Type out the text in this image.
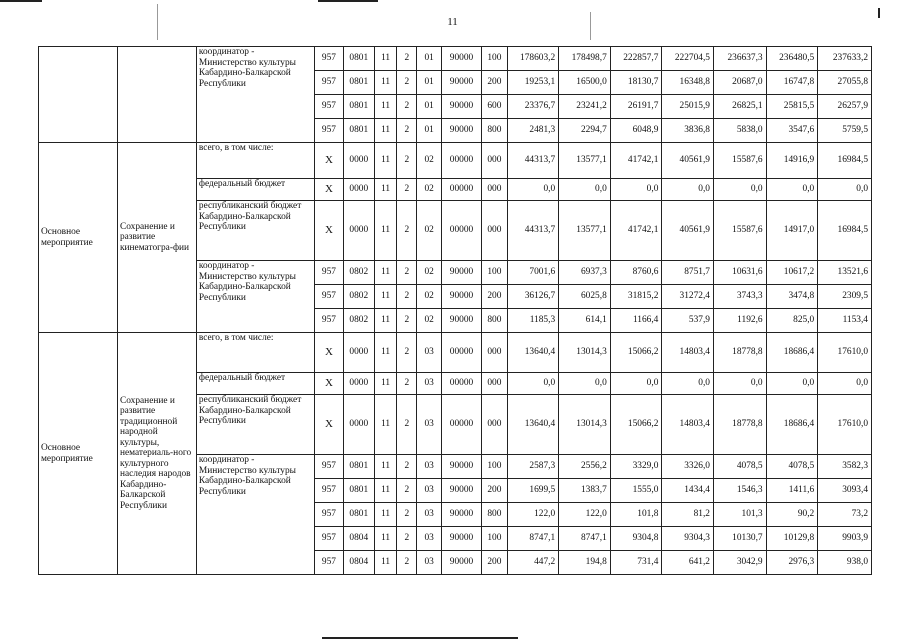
11
		координатор - Министерство культуры Кабардино-Балкарской Республики	957	0801	11	2	01	90000	100	178603,2	178498,7	222857,7	222704,5	236637,3	236480,5	237633,2
			957	0801	11	2	01	90000	200	19253,1	16500,0	18130,7	16348,8	20687,0	16747,8	27055,8
			957	0801	11	2	01	90000	600	23376,7	23241,2	26191,7	25015,9	26825,1	25815,5	26257,9
			957	0801	11	2	01	90000	800	2481,3	2294,7	6048,9	3836,8	5838,0	3547,6	5759,5
Основное мероприятие	Сохранение и развитие кинематогра-фии	всего, в том числе:	Х	0000	11	2	02	00000	000	44313,7	13577,1	41742,1	40561,9	15587,6	14916,9	16984,5
		федеральный бюджет	Х	0000	11	2	02	00000	000	0,0	0,0	0,0	0,0	0,0	0,0	0,0
		республиканский бюджет Кабардино-Балкарской Республики	Х	0000	11	2	02	00000	000	44313,7	13577,1	41742,1	40561,9	15587,6	14917,0	16984,5
		координатор - Министерство культуры Кабардино-Балкарской Республики	957	0802	11	2	02	90000	100	7001,6	6937,3	8760,6	8751,7	10631,6	10617,2	13521,6
			957	0802	11	2	02	90000	200	36126,7	6025,8	31815,2	31272,4	3743,3	3474,8	2309,5
			957	0802	11	2	02	90000	800	1185,3	614,1	1166,4	537,9	1192,6	825,0	1153,4
Основное мероприятие	Сохранение и развитие традиционной народной культуры, нематериаль-ного культурного наследия народов Кабардино-Балкарской Республики	всего, в том числе:	Х	0000	11	2	03	00000	000	13640,4	13014,3	15066,2	14803,4	18778,8	18686,4	17610,0
		федеральный бюджет	Х	0000	11	2	03	00000	000	0,0	0,0	0,0	0,0	0,0	0,0	0,0
		республиканский бюджет Кабардино-Балкарской Республики	Х	0000	11	2	03	00000	000	13640,4	13014,3	15066,2	14803,4	18778,8	18686,4	17610,0
		координатор - Министерство культуры Кабардино-Балкарской Республики	957	0801	11	2	03	90000	100	2587,3	2556,2	3329,0	3326,0	4078,5	4078,5	3582,3
			957	0801	11	2	03	90000	200	1699,5	1383,7	1555,0	1434,4	1546,3	1411,6	3093,4
			957	0801	11	2	03	90000	800	122,0	122,0	101,8	81,2	101,3	90,2	73,2
			957	0804	11	2	03	90000	100	8747,1	8747,1	9304,8	9304,3	10130,7	10129,8	9903,9
			957	0804	11	2	03	90000	200	447,2	194,8	731,4	641,2	3042,9	2976,3	938,0
